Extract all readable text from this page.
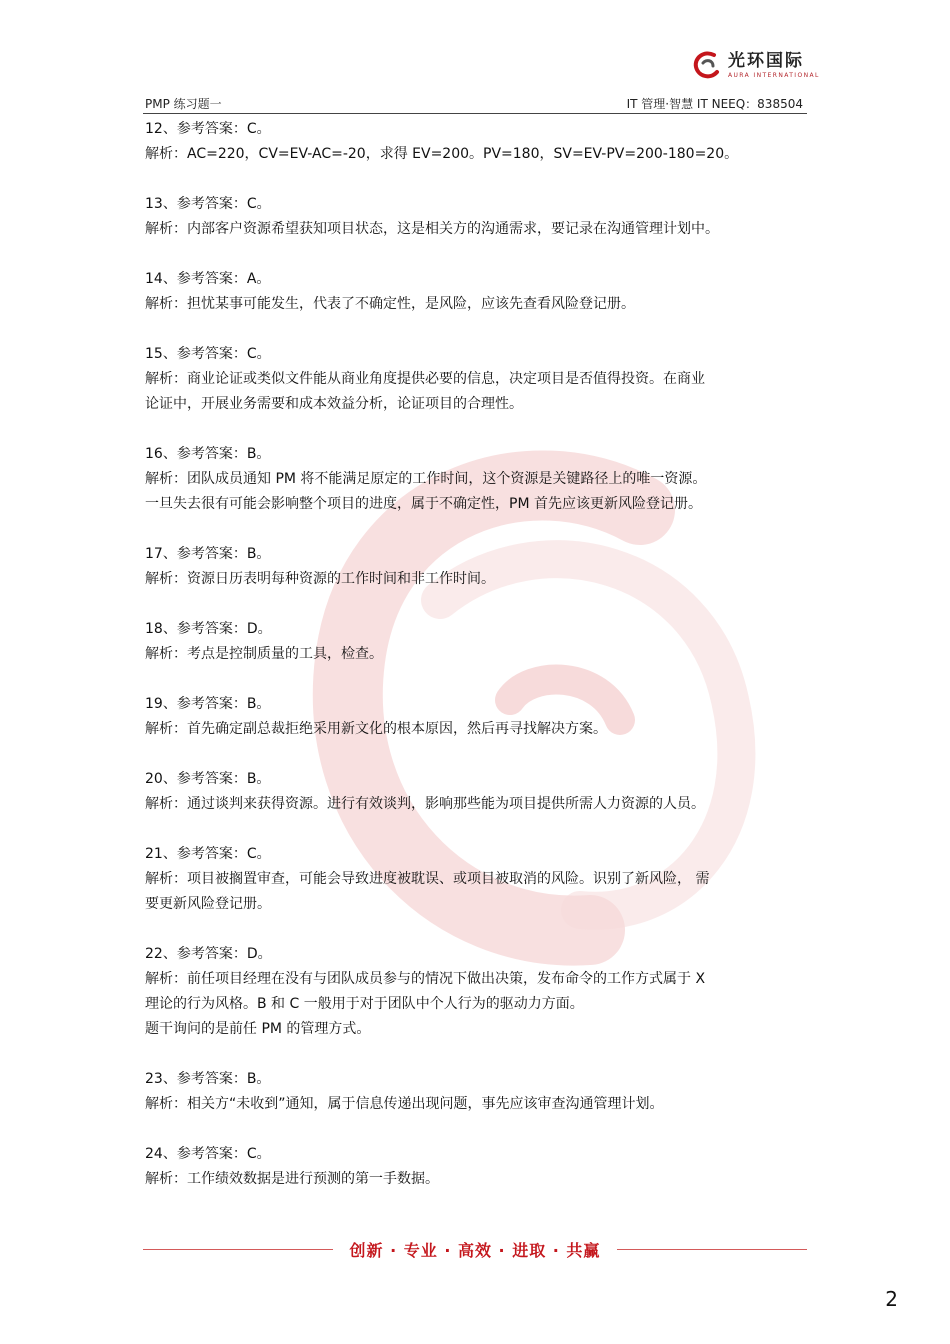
光环国际
AURA INTERNATIONAL
PMP 练习题一	IT 管理·智慧 IT NEEQ：838504
12、参考答案：C。
解析：AC=220，CV=EV-AC=-20，求得 EV=200。PV=180，SV=EV-PV=200-180=20。
13、参考答案：C。
解析：内部客户资源希望获知项目状态，这是相关方的沟通需求，要记录在沟通管理计划中。
14、参考答案：A。
解析：担忧某事可能发生，代表了不确定性，是风险，应该先查看风险登记册。
15、参考答案：C。
解析：商业论证或类似文件能从商业角度提供必要的信息，决定项目是否值得投资。在商业
论证中，开展业务需要和成本效益分析，论证项目的合理性。
16、参考答案：B。
解析：团队成员通知 PM 将不能满足原定的工作时间，这个资源是关键路径上的唯一资源。
一旦失去很有可能会影响整个项目的进度，属于不确定性，PM 首先应该更新风险登记册。
17、参考答案：B。
解析：资源日历表明每种资源的工作时间和非工作时间。
18、参考答案：D。
解析：考点是控制质量的工具，检查。
19、参考答案：B。
解析：首先确定副总裁拒绝采用新文化的根本原因，然后再寻找解决方案。
20、参考答案：B。
解析：通过谈判来获得资源。进行有效谈判，影响那些能为项目提供所需人力资源的人员。
21、参考答案：C。
解析：项目被搁置审查，可能会导致进度被耽误、或项目被取消的风险。识别了新风险， 需
要更新风险登记册。
22、参考答案：D。
解析：前任项目经理在没有与团队成员参与的情况下做出决策，发布命令的工作方式属于 X
理论的行为风格。B 和 C 一般用于对于团队中个人行为的驱动力方面。
题干询问的是前任 PM 的管理方式。
23、参考答案：B。
解析：相关方“未收到”通知，属于信息传递出现问题，事先应该审查沟通管理计划。
24、参考答案：C。
解析：工作绩效数据是进行预测的第一手数据。
创新 · 专业 · 高效 · 进取 · 共赢
2
